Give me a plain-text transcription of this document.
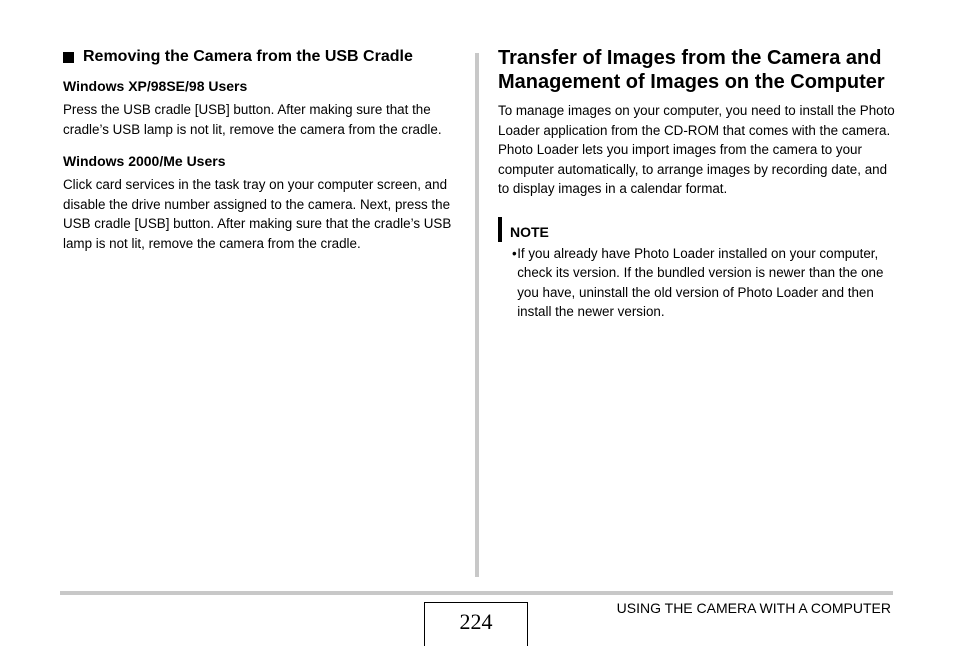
Removing the Camera from the USB Cradle
Windows XP/98SE/98 Users

Press the USB cradle [USB] button. After making sure that the cradle’s USB lamp is not lit, remove the camera from the cradle.

Windows 2000/Me Users

Click card services in the task tray on your computer screen, and disable the drive number assigned to the camera. Next, press the USB cradle [USB] button. After making sure that the cradle’s USB lamp is not lit, remove the camera from the cradle.

Transfer of Images from the Camera and Management of Images on the Computer

To manage images on your computer, you need to install the Photo Loader application from the CD-ROM that comes with the camera.

Photo Loader lets you import images from the camera to your computer automatically, to arrange images by recording date, and to display images in a calendar format.

NOTE
• If you already have Photo Loader installed on your computer, check its version. If the bundled version is newer than the one you have, uninstall the old version of Photo Loader and then install the newer version.
224
USING THE CAMERA WITH A COMPUTER
